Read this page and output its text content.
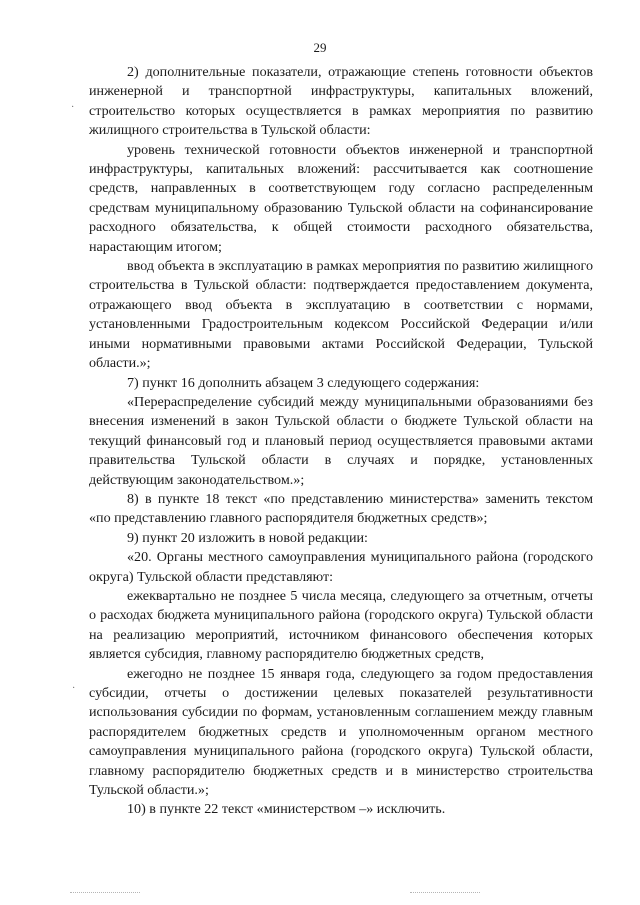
29

2) дополнительные показатели, отражающие степень готовности объектов инженерной и транспортной инфраструктуры, капитальных вложений, строительство которых осуществляется в рамках мероприятия по развитию жилищного строительства в Тульской области:

уровень технической готовности объектов инженерной и транспортной инфраструктуры, капитальных вложений: рассчитывается как соотношение средств, направленных в соответствующем году согласно распределенным средствам муниципальному образованию Тульской области на софинансирование расходного обязательства, к общей стоимости расходного обязательства, нарастающим итогом;

ввод объекта в эксплуатацию в рамках мероприятия по развитию жилищного строительства в Тульской области: подтверждается предоставлением документа, отражающего ввод объекта в эксплуатацию в соответствии с нормами, установленными Градостроительным кодексом Российской Федерации и/или иными нормативными правовыми актами Российской Федерации, Тульской области.»;

7) пункт 16 дополнить абзацем 3 следующего содержания:

«Перераспределение субсидий между муниципальными образованиями без внесения изменений в закон Тульской области о бюджете Тульской области на текущий финансовый год и плановый период осуществляется правовыми актами правительства Тульской области в случаях и порядке, установленных действующим законодательством.»;

8) в пункте 18 текст «по представлению министерства» заменить текстом «по представлению главного распорядителя бюджетных средств»;

9) пункт 20 изложить в новой редакции:

«20. Органы местного самоуправления муниципального района (городского округа) Тульской области представляют:

ежеквартально не позднее 5 числа месяца, следующего за отчетным, отчеты о расходах бюджета муниципального района (городского округа) Тульской области на реализацию мероприятий, источником финансового обеспечения которых является субсидия, главному распорядителю бюджетных средств,

ежегодно не позднее 15 января года, следующего за годом предоставления субсидии, отчеты о достижении целевых показателей результативности использования субсидии по формам, установленным соглашением между главным распорядителем бюджетных средств и уполномоченным органом местного самоуправления муниципального района (городского округа) Тульской области, главному распорядителю бюджетных средств и в министерство строительства Тульской области.»;

10) в пункте 22 текст «министерством –» исключить.

·
·
